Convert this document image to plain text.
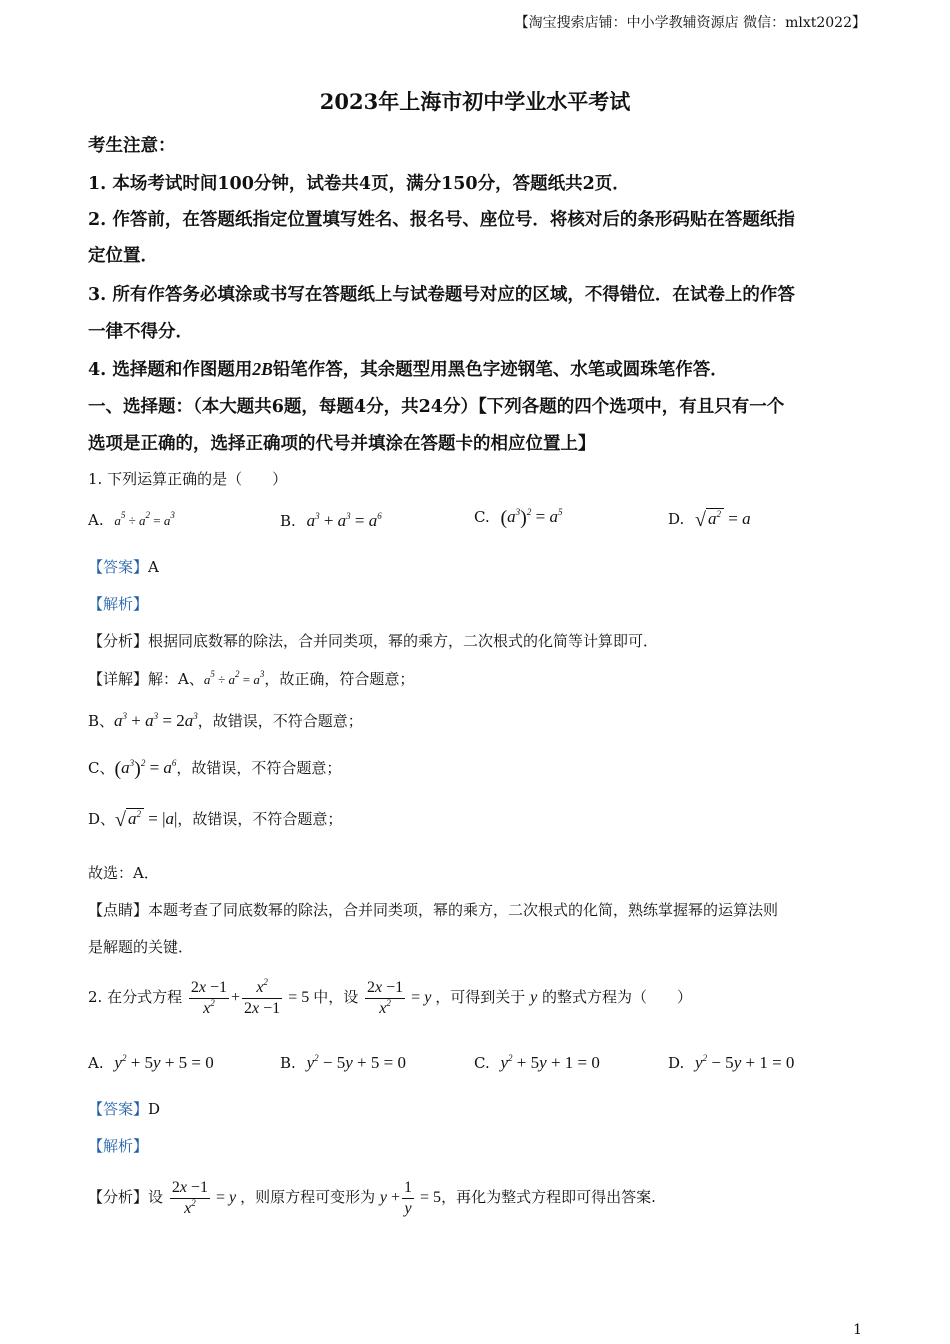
【淘宝搜索店铺：中小学教辅资源店 微信：mlxt2022】
2023年上海市初中学业水平考试
考生注意：
1. 本场考试时间100分钟，试卷共4页，满分150分，答题纸共2页．
2. 作答前，在答题纸指定位置填写姓名、报名号、座位号．将核对后的条形码贴在答题纸指
定位置．
3. 所有作答务必填涂或书写在答题纸上与试卷题号对应的区域，不得错位．在试卷上的作答
一律不得分．
4. 选择题和作图题用2B铅笔作答，其余题型用黑色字迹钢笔、水笔或圆珠笔作答．
一、选择题：（本大题共6题，每题4分，共24分）【下列各题的四个选项中，有且只有一个
选项是正确的，选择正确项的代号并填涂在答题卡的相应位置上】
1. 下列运算正确的是（　　）
A. $a^5 \div a^2 = a^3$	B. $a^3 + a^3 = a^6$	C. $(a^3)^2 = a^5$	D. √ $a^2 = a$
【答案】A
【解析】
【分析】根据同底数幂的除法，合并同类项，幂的乘方，二次根式的化简等计算即可．
【详解】解：A、$a^5 \div a^2 = a^3$，故正确，符合题意；
B、$a^3 + a^3 = 2a^3$，故错误，不符合题意；
C、$(a^3)^2 = a^6$，故错误，不符合题意；
D、√ $a^2 = |a|$，故错误，不符合题意；
故选：A．
【点睛】本题考查了同底数幂的除法，合并同类项，幂的乘方，二次根式的化简，熟练掌握幂的运算法则
是解题的关键．
2. 在分式方程 $\frac{2x -1}{x^2} + \frac{x^2}{2x -1} = 5$ 中，设 $\frac{2x -1}{x^2} = y$ ，可得到关于 y 的整式方程为（　　）
A. $y^2 + 5y + 5 = 0$	B. $y^2 - 5y + 5 = 0$	C. $y^2 + 5y + 1 = 0$	D. $y^2 - 5y + 1 = 0$
【答案】D
【解析】
【分析】设 $\frac{2x -1}{x^2} = y$ ，则原方程可变形为 $y + \frac{1}{y} = 5$，再化为整式方程即可得出答案.
1
